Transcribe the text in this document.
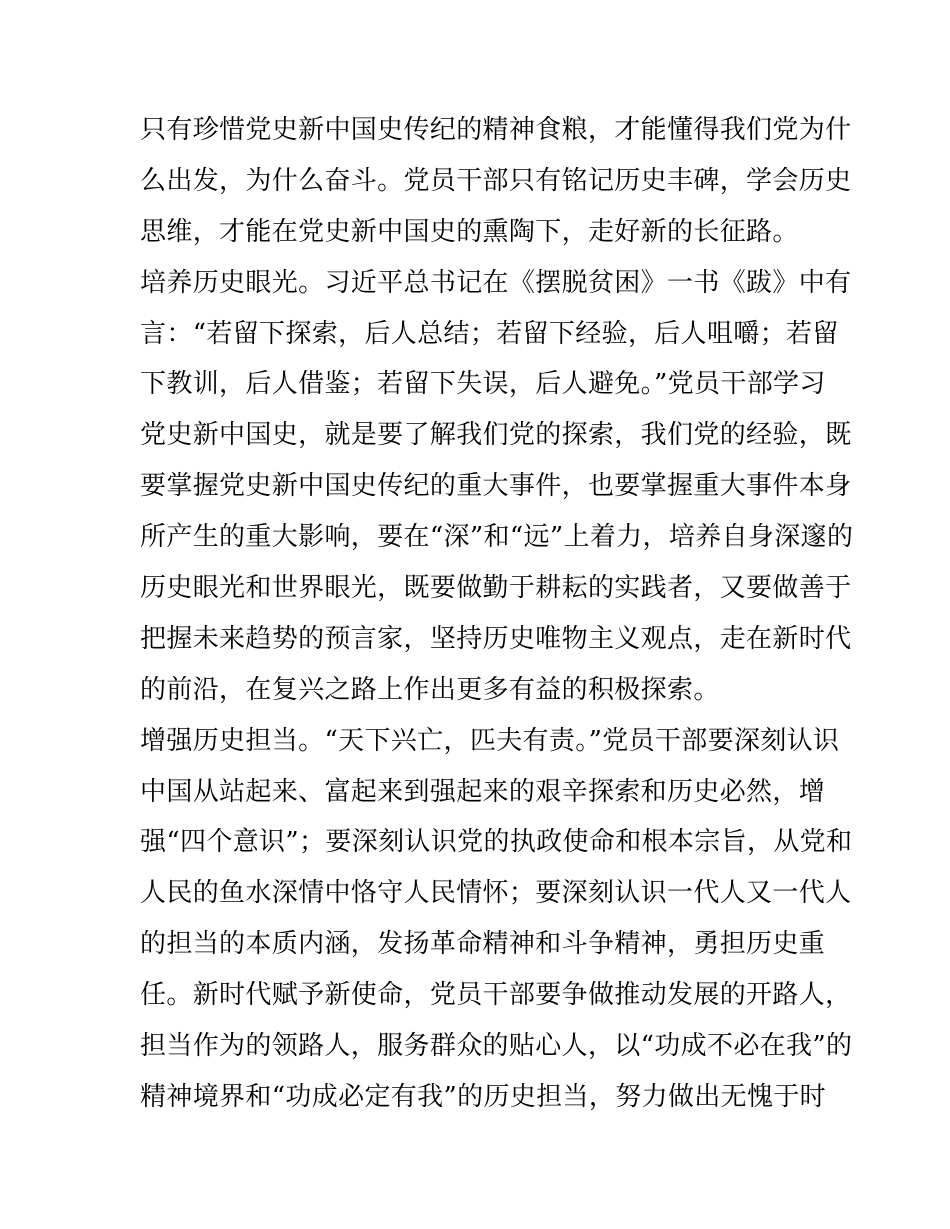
只有珍惜党史新中国史传纪的精神食粮，才能懂得我们党为什
么出发，为什么奋斗。党员干部只有铭记历史丰碑，学会历史
思维，才能在党史新中国史的熏陶下，走好新的长征路。
培养历史眼光。习近平总书记在《摆脱贫困》一书《跋》中有
言：“若留下探索，后人总结；若留下经验，后人咀嚼；若留
下教训，后人借鉴；若留下失误，后人避免。”党员干部学习
党史新中国史，就是要了解我们党的探索，我们党的经验，既
要掌握党史新中国史传纪的重大事件，也要掌握重大事件本身
所产生的重大影响，要在“深”和“远”上着力，培养自身深邃的
历史眼光和世界眼光，既要做勤于耕耘的实践者，又要做善于
把握未来趋势的预言家，坚持历史唯物主义观点，走在新时代
的前沿，在复兴之路上作出更多有益的积极探索。
增强历史担当。“天下兴亡，匹夫有责。”党员干部要深刻认识
中国从站起来、富起来到强起来的艰辛探索和历史必然，增
强“四个意识”；要深刻认识党的执政使命和根本宗旨，从党和
人民的鱼水深情中恪守人民情怀；要深刻认识一代人又一代人
的担当的本质内涵，发扬革命精神和斗争精神，勇担历史重
任。新时代赋予新使命，党员干部要争做推动发展的开路人，
担当作为的领路人，服务群众的贴心人，以“功成不必在我”的
精神境界和“功成必定有我”的历史担当，努力做出无愧于时
